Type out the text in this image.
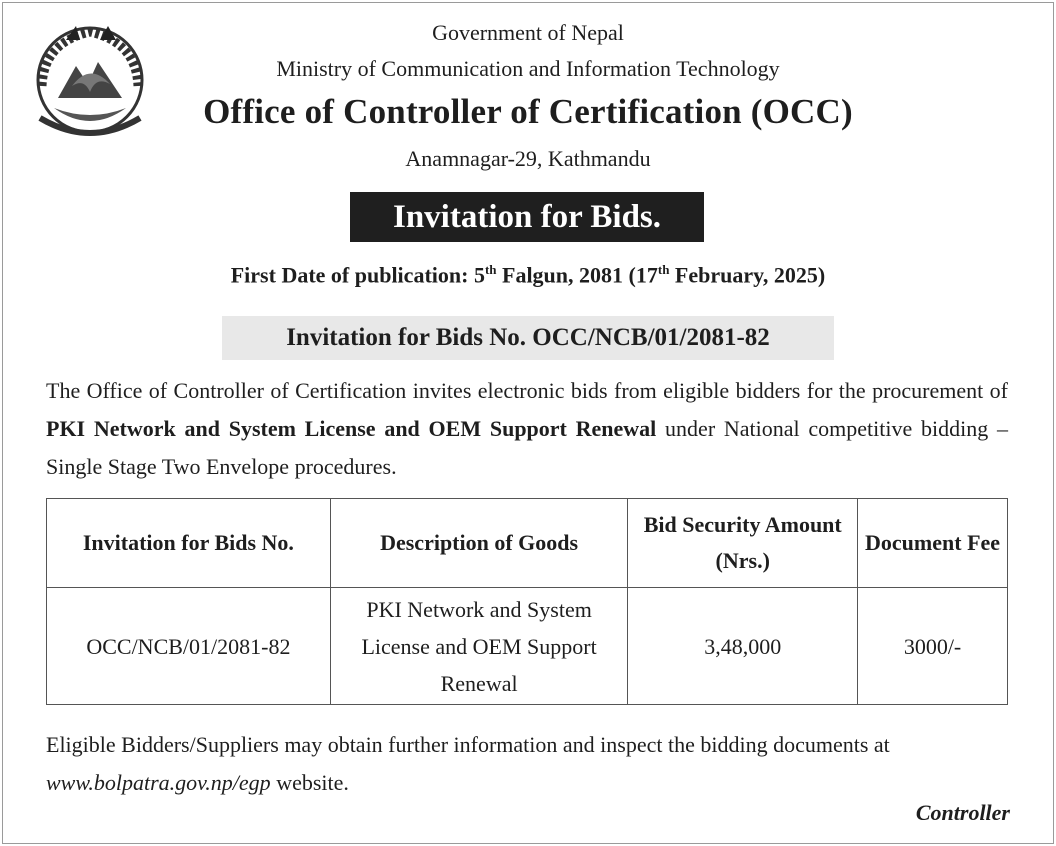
Government of Nepal
Ministry of Communication and Information Technology
Office of Controller of Certification (OCC)
Anamnagar-29, Kathmandu
Invitation for Bids.
First Date of publication: 5th Falgun, 2081 (17th February, 2025)
Invitation for Bids No. OCC/NCB/01/2081-82
The Office of Controller of Certification invites electronic bids from eligible bidders for the procurement of PKI Network and System License and OEM Support Renewal under National competitive bidding – Single Stage Two Envelope procedures.
Invitation for Bids No.	Description of Goods	Bid Security Amount (Nrs.)	Document Fee
OCC/NCB/01/2081-82	PKI Network and System License and OEM Support Renewal	3,48,000	3000/-
Eligible Bidders/Suppliers may obtain further information and inspect the bidding documents at www.bolpatra.gov.np/egp website.
Controller
